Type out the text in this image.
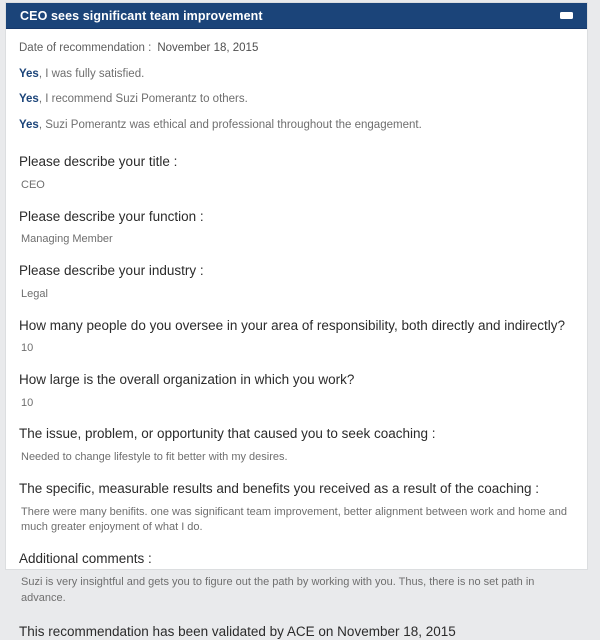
CEO sees significant team improvement

Date of recommendation : November 18, 2015

Yes, I was fully satisfied.

Yes, I recommend Suzi Pomerantz to others.

Yes, Suzi Pomerantz was ethical and professional throughout the engagement.

Please describe your title :

CEO

Please describe your function :

Managing Member

Please describe your industry :

Legal

How many people do you oversee in your area of responsibility, both directly and indirectly?

10

How large is the overall organization in which you work?

10

The issue, problem, or opportunity that caused you to seek coaching :

Needed to change lifestyle to fit better with my desires.

The specific, measurable results and benefits you received as a result of the coaching :

There were many benifits. one was significant team improvement, better alignment between work and home and much greater enjoyment of what I do.

Additional comments :

Suzi is very insightful and gets you to figure out the path by working with you. Thus, there is no set path in advance.

This recommendation has been validated by ACE on November 18, 2015
